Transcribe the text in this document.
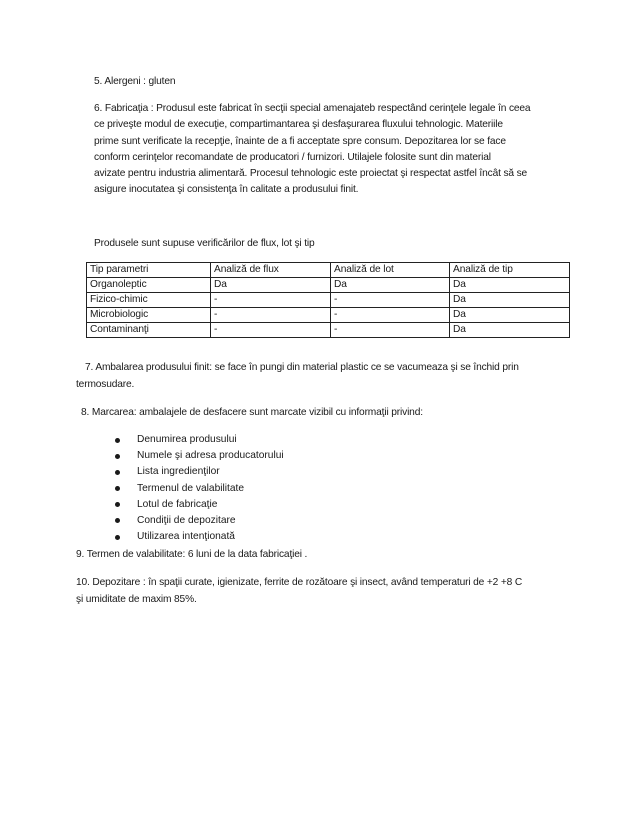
5. Alergeni : gluten
6. Fabricaţia : Produsul este fabricat în secţii special amenajateb respectând cerinţele legale în ceea
ce priveşte modul de execuţie, compartimantarea şi desfaşurarea fluxului tehnologic. Materiile
prime sunt verificate la recepţie, înainte de a fi acceptate spre consum. Depozitarea lor se face
conform cerinţelor recomandate de producatori / furnizori. Utilajele folosite sunt din material
avizate pentru industria alimentară. Procesul tehnologic este proiectat şi respectat astfel încât să se
asigure inocutatea şi consistenţa în calitate a produsului finit.
Produsele sunt supuse verificărilor de flux, lot şi tip
Tip parametri	Analiză de flux	Analiză de lot	Analiză de tip
Organoleptic	Da	Da	Da
Fizico-chimic	-	-	Da
Microbiologic	-	-	Da
Contaminanţi	-	-	Da
7. Ambalarea produsului finit: se face în pungi din material plastic ce se vacumeaza şi se închid prin
termosudare.
8. Marcarea: ambalajele de desfacere sunt marcate vizibil cu informaţii privind:
Denumirea produsului
Numele şi adresa producatorului
Lista ingredienţilor
Termenul de valabilitate
Lotul de fabricaţie
Condiţii de depozitare
Utilizarea intenţionată
9. Termen de valabilitate: 6 luni de la data fabricaţiei .
10. Depozitare : în spaţii curate, igienizate, ferrite de rozătoare şi insect, având temperaturi de +2 +8 C
şi umiditate de maxim 85%.
